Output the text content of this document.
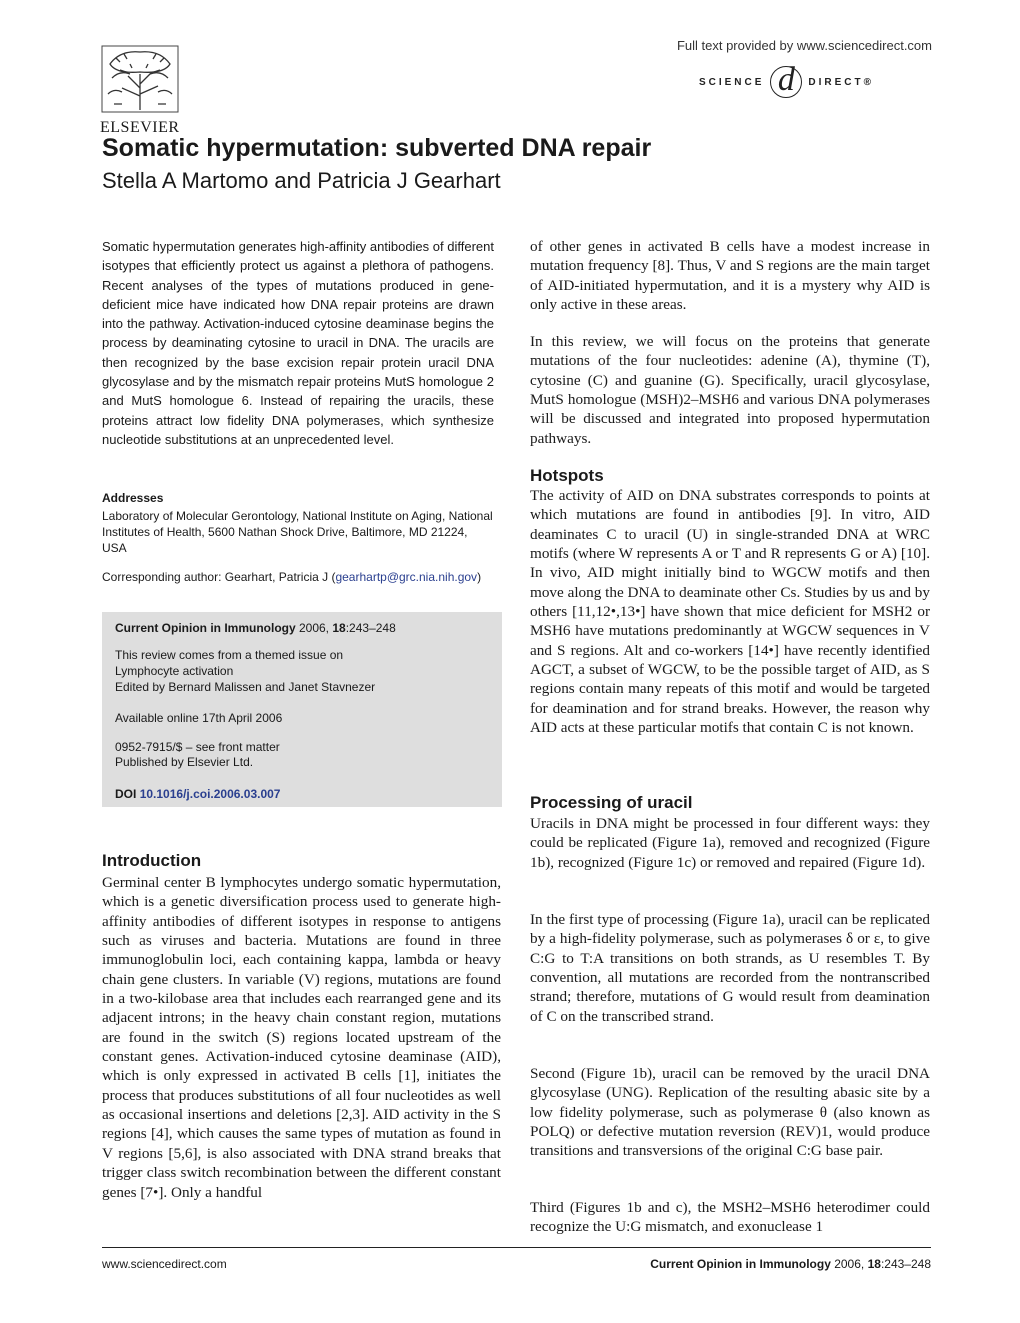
ELSEVIER
Full text provided by www.sciencedirect.com
SCIENCE d	DIRECT®
Somatic hypermutation: subverted DNA repair
Stella A Martomo and Patricia J Gearhart
Somatic hypermutation generates high-affinity antibodies of different isotypes that efficiently protect us against a plethora of pathogens. Recent analyses of the types of mutations produced in gene-deficient mice have indicated how DNA repair proteins are drawn into the pathway. Activation-induced cytosine deaminase begins the process by deaminating cytosine to uracil in DNA. The uracils are then recognized by the base excision repair protein uracil DNA glycosylase and by the mismatch repair proteins MutS homologue 2 and MutS homologue 6. Instead of repairing the uracils, these proteins attract low fidelity DNA polymerases, which synthesize nucleotide substitutions at an unprecedented level.
Addresses
Laboratory of Molecular Gerontology, National Institute on Aging, National Institutes of Health, 5600 Nathan Shock Drive, Baltimore, MD 21224, USA
Corresponding author: Gearhart, Patricia J (gearhartp@grc.nia.nih.gov)
Current Opinion in Immunology 2006, 18:243–248
This review comes from a themed issue on
Lymphocyte activation
Edited by Bernard Malissen and Janet Stavnezer
Available online 17th April 2006
0952-7915/$ – see front matter
Published by Elsevier Ltd.
DOI 10.1016/j.coi.2006.03.007
Introduction
Germinal center B lymphocytes undergo somatic hypermutation, which is a genetic diversification process used to generate high-affinity antibodies of different isotypes in response to antigens such as viruses and bacteria. Mutations are found in three immunoglobulin loci, each containing kappa, lambda or heavy chain gene clusters. In variable (V) regions, mutations are found in a two-kilobase area that includes each rearranged gene and its adjacent introns; in the heavy chain constant region, mutations are found in the switch (S) regions located upstream of the constant genes. Activation-induced cytosine deaminase (AID), which is only expressed in activated B cells [1], initiates the process that produces substitutions of all four nucleotides as well as occasional insertions and deletions [2,3]. AID activity in the S regions [4], which causes the same types of mutation as found in V regions [5,6], is also associated with DNA strand breaks that trigger class switch recombination between the different constant genes [7•]. Only a handful
of other genes in activated B cells have a modest increase in mutation frequency [8]. Thus, V and S regions are the main target of AID-initiated hypermutation, and it is a mystery why AID is only active in these areas.
In this review, we will focus on the proteins that generate mutations of the four nucleotides: adenine (A), thymine (T), cytosine (C) and guanine (G). Specifically, uracil glycosylase, MutS homologue (MSH)2–MSH6 and various DNA polymerases will be discussed and integrated into proposed hypermutation pathways.
Hotspots
The activity of AID on DNA substrates corresponds to points at which mutations are found in antibodies [9]. In vitro, AID deaminates C to uracil (U) in single-stranded DNA at WRC motifs (where W represents A or T and R represents G or A) [10]. In vivo, AID might initially bind to WGCW motifs and then move along the DNA to deaminate other Cs. Studies by us and by others [11,12•,13•] have shown that mice deficient for MSH2 or MSH6 have mutations predominantly at WGCW sequences in V and S regions. Alt and co-workers [14•] have recently identified AGCT, a subset of WGCW, to be the possible target of AID, as S regions contain many repeats of this motif and would be targeted for deamination and for strand breaks. However, the reason why AID acts at these particular motifs that contain C is not known.
Processing of uracil
Uracils in DNA might be processed in four different ways: they could be replicated (Figure 1a), removed and recognized (Figure 1b), recognized (Figure 1c) or removed and repaired (Figure 1d).
In the first type of processing (Figure 1a), uracil can be replicated by a high-fidelity polymerase, such as polymerases δ or ε, to give C:G to T:A transitions on both strands, as U resembles T. By convention, all mutations are recorded from the nontranscribed strand; therefore, mutations of G would result from deamination of C on the transcribed strand.
Second (Figure 1b), uracil can be removed by the uracil DNA glycosylase (UNG). Replication of the resulting abasic site by a low fidelity polymerase, such as polymerase θ (also known as POLQ) or defective mutation reversion (REV)1, would produce transitions and transversions of the original C:G base pair.
Third (Figures 1b and c), the MSH2–MSH6 heterodimer could recognize the U:G mismatch, and exonuclease 1
www.sciencedirect.com	Current Opinion in Immunology 2006, 18:243–248
